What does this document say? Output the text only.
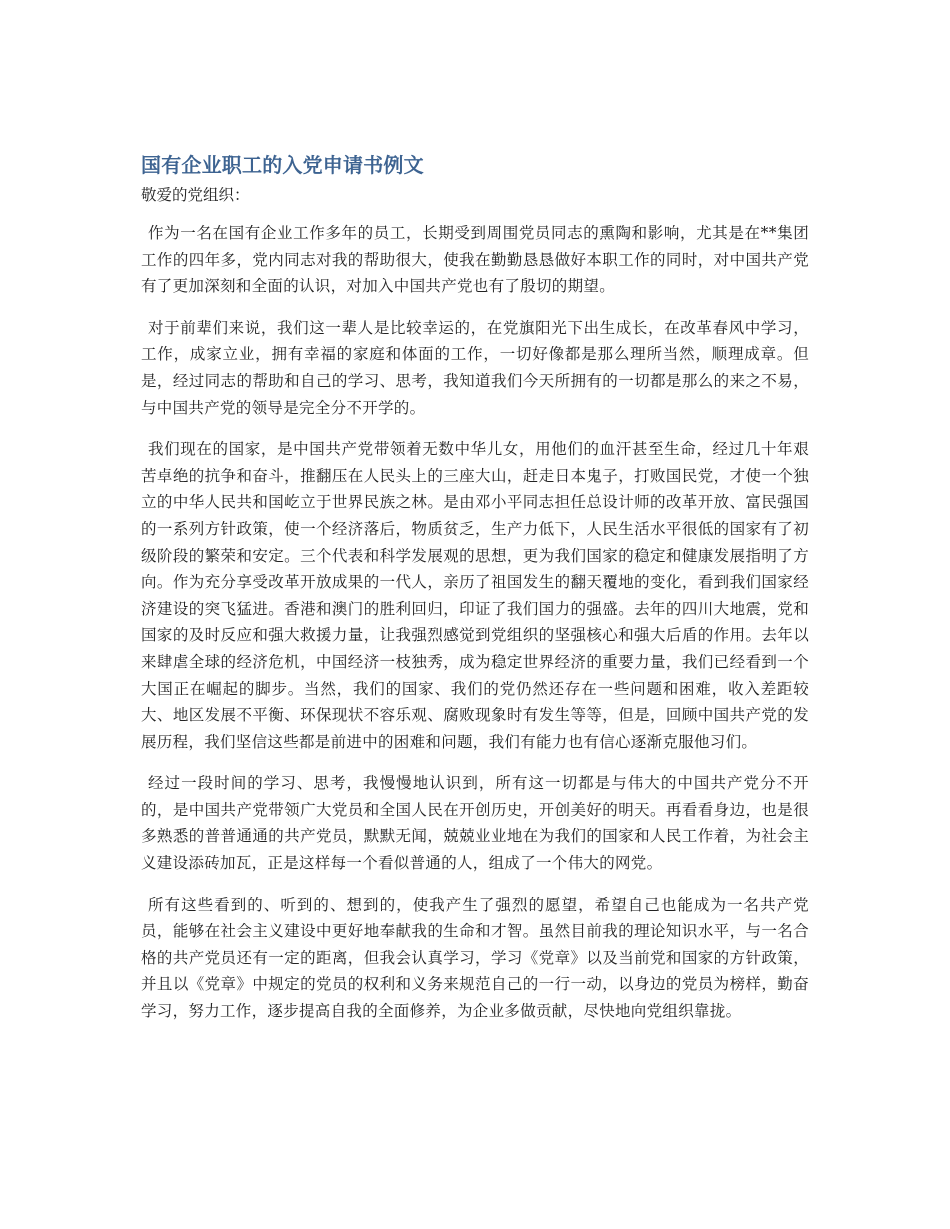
国有企业职工的入党申请书例文
敬爱的党组织：

作为一名在国有企业工作多年的员工，长期受到周围党员同志的熏陶和影响，尤其是在**集团工作的四年多，党内同志对我的帮助很大，使我在勤勤恳恳做好本职工作的同时，对中国共产党有了更加深刻和全面的认识，对加入中国共产党也有了殷切的期望。

对于前辈们来说，我们这一辈人是比较幸运的，在党旗阳光下出生成长，在改革春风中学习，工作，成家立业，拥有幸福的家庭和体面的工作，一切好像都是那么理所当然，顺理成章。但是，经过同志的帮助和自己的学习、思考，我知道我们今天所拥有的一切都是那么的来之不易，与中国共产党的领导是完全分不开学的。

我们现在的国家，是中国共产党带领着无数中华儿女，用他们的血汗甚至生命，经过几十年艰苦卓绝的抗争和奋斗，推翻压在人民头上的三座大山，赶走日本鬼子，打败国民党，才使一个独立的中华人民共和国屹立于世界民族之林。是由邓小平同志担任总设计师的改革开放、富民强国的一系列方针政策，使一个经济落后，物质贫乏，生产力低下，人民生活水平很低的国家有了初级阶段的繁荣和安定。三个代表和科学发展观的思想，更为我们国家的稳定和健康发展指明了方向。作为充分享受改革开放成果的一代人，亲历了祖国发生的翻天覆地的变化，看到我们国家经济建设的突飞猛进。香港和澳门的胜利回归，印证了我们国力的强盛。去年的四川大地震，党和国家的及时反应和强大救援力量，让我强烈感觉到党组织的坚强核心和强大后盾的作用。去年以来肆虐全球的经济危机，中国经济一枝独秀，成为稳定世界经济的重要力量，我们已经看到一个大国正在崛起的脚步。当然，我们的国家、我们的党仍然还存在一些问题和困难，收入差距较大、地区发展不平衡、环保现状不容乐观、腐败现象时有发生等等，但是，回顾中国共产党的发展历程，我们坚信这些都是前进中的困难和问题，我们有能力也有信心逐渐克服他习们。

经过一段时间的学习、思考，我慢慢地认识到，所有这一切都是与伟大的中国共产党分不开的，是中国共产党带领广大党员和全国人民在开创历史，开创美好的明天。再看看身边，也是很多熟悉的普普通通的共产党员，默默无闻，兢兢业业地在为我们的国家和人民工作着，为社会主义建设添砖加瓦，正是这样每一个看似普通的人，组成了一个伟大的网党。

所有这些看到的、听到的、想到的，使我产生了强烈的愿望，希望自己也能成为一名共产党员，能够在社会主义建设中更好地奉献我的生命和才智。虽然目前我的理论知识水平，与一名合格的共产党员还有一定的距离，但我会认真学习，学习《党章》以及当前党和国家的方针政策，并且以《党章》中规定的党员的权利和义务来规范自己的一行一动，以身边的党员为榜样，勤奋学习，努力工作，逐步提高自我的全面修养，为企业多做贡献，尽快地向党组织靠拢。
